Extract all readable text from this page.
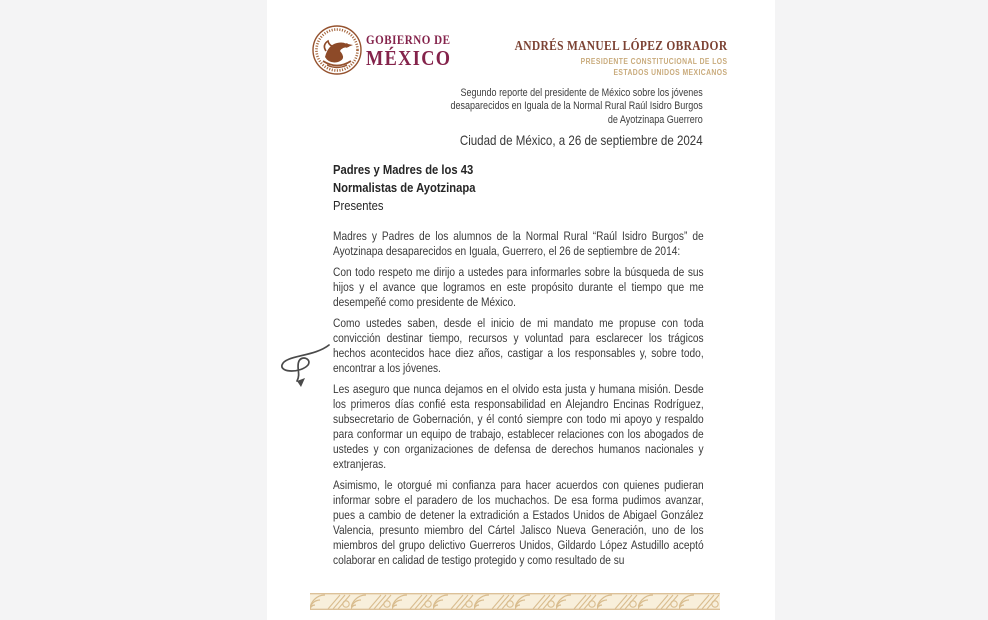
GOBIERNO DE
MÉXICO
ANDRÉS MANUEL LÓPEZ OBRADOR
PRESIDENTE CONSTITUCIONAL DE LOS
ESTADOS UNIDOS MEXICANOS
Segundo reporte del presidente de México sobre los jóvenes
desaparecidos en Iguala de la Normal Rural Raúl Isidro Burgos
de Ayotzinapa Guerrero
Ciudad de México, a 26 de septiembre de 2024
Padres y Madres de los 43
Normalistas de Ayotzinapa
Presentes

Madres y Padres de los alumnos de la Normal Rural “Raúl Isidro Burgos” de Ayotzinapa desaparecidos en Iguala, Guerrero, el 26 de septiembre de 2014:

Con todo respeto me dirijo a ustedes para informarles sobre la búsqueda de sus hijos y el avance que logramos en este propósito durante el tiempo que me desempeñé como presidente de México.

Como ustedes saben, desde el inicio de mi mandato me propuse con toda convicción destinar tiempo, recursos y voluntad para esclarecer los trágicos hechos acontecidos hace diez años, castigar a los responsables y, sobre todo, encontrar a los jóvenes.

Les aseguro que nunca dejamos en el olvido esta justa y humana misión. Desde los primeros días confié esta responsabilidad en Alejandro Encinas Rodríguez, subsecretario de Gobernación, y él contó siempre con todo mi apoyo y respaldo para conformar un equipo de trabajo, establecer relaciones con los abogados de ustedes y con organizaciones de defensa de derechos humanos nacionales y extranjeras.

Asimismo, le otorgué mi confianza para hacer acuerdos con quienes pudieran informar sobre el paradero de los muchachos. De esa forma pudimos avanzar, pues a cambio de detener la extradición a Estados Unidos de Abigael González Valencia, presunto miembro del Cártel Jalisco Nueva Generación, uno de los miembros del grupo delictivo Guerreros Unidos, Gildardo López Astudillo aceptó colaborar en calidad de testigo protegido y como resultado de su
